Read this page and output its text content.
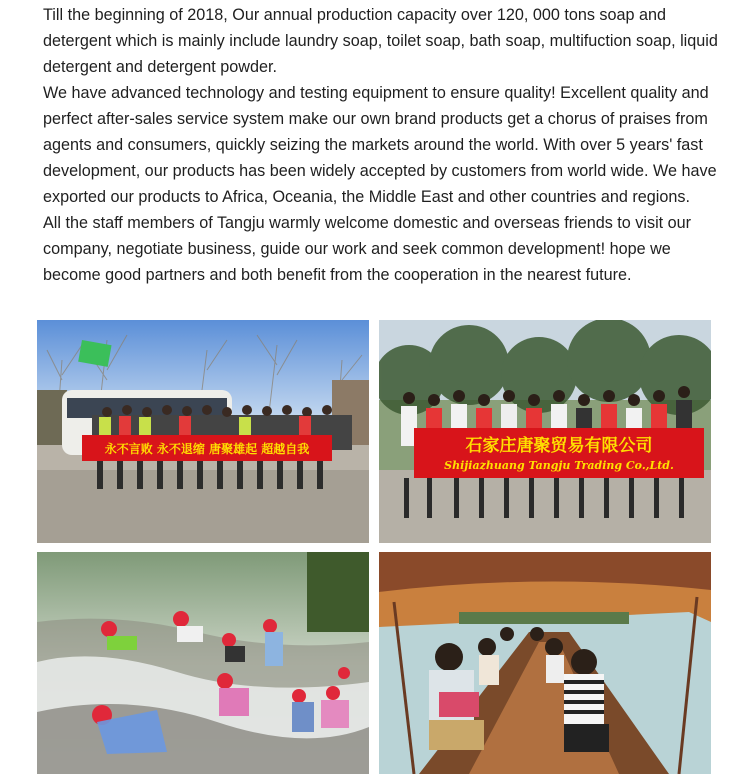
Till the beginning of 2018, Our annual production capacity over 120, 000 tons soap and detergent which is mainly include laundry soap, toilet soap, bath soap, multifuction soap, liquid detergent and detergent powder.

We have advanced technology and testing equipment to ensure quality! Excellent quality and perfect after-sales service system make our own brand products get a chorus of praises from agents and consumers, quickly seizing the markets around the world. With over 5 years' fast development, our products has been widely accepted by customers from world wide. We have exported our products to Africa, Oceania, the Middle East and other countries and regions.

All the staff members of Tangju warmly welcome domestic and overseas friends to visit our company, negotiate business, guide our work and seek common development! hope we become good partners and both benefit from the cooperation in the nearest future.

永不言败 永不退缩 唐聚雄起 超越自我	石家庄唐聚贸易有限公司
Shijiazhuang Tangju Trading Co.,Ltd.
